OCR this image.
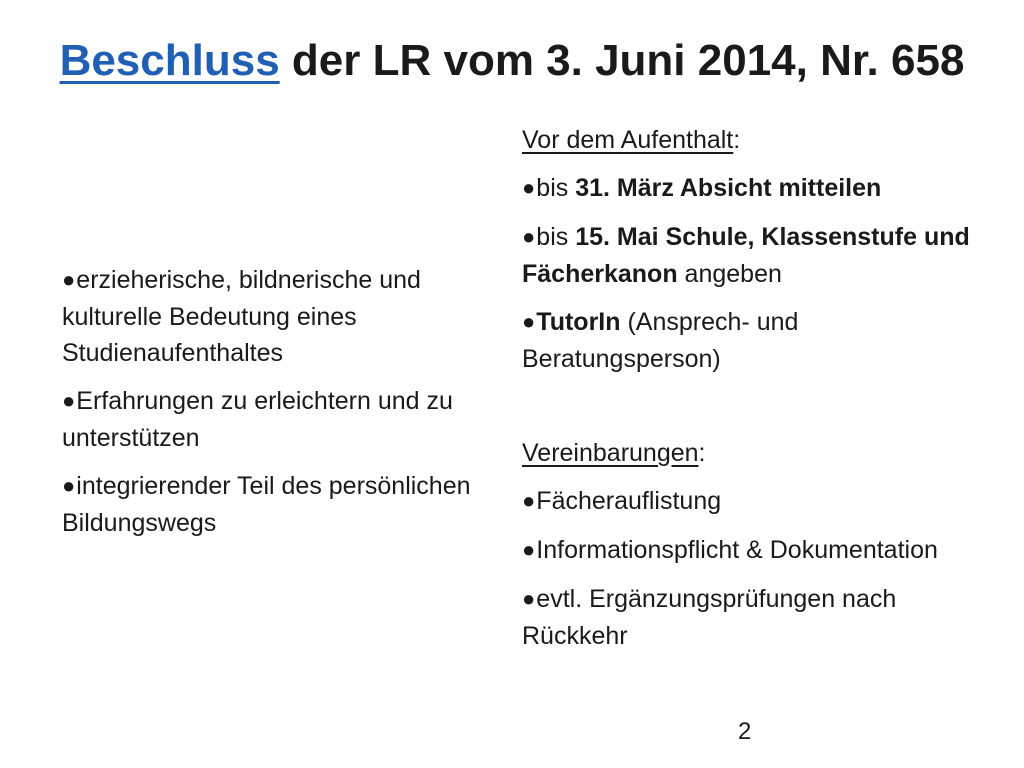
Beschluss der LR vom 3. Juni 2014, Nr. 658
●erzieherische, bildnerische und kulturelle Bedeutung eines Studienaufenthaltes
●Erfahrungen zu erleichtern und zu unterstützen
●integrierender Teil des persönlichen Bildungswegs
Vor dem Aufenthalt:
●bis 31. März Absicht mitteilen
●bis 15. Mai Schule, Klassenstufe und Fächerkanon angeben
●TutorIn (Ansprech- und Beratungsperson)
Vereinbarungen:
●Fächerauflistung
●Informationspflicht & Dokumentation
●evtl. Ergänzungsprüfungen nach Rückkehr
2
